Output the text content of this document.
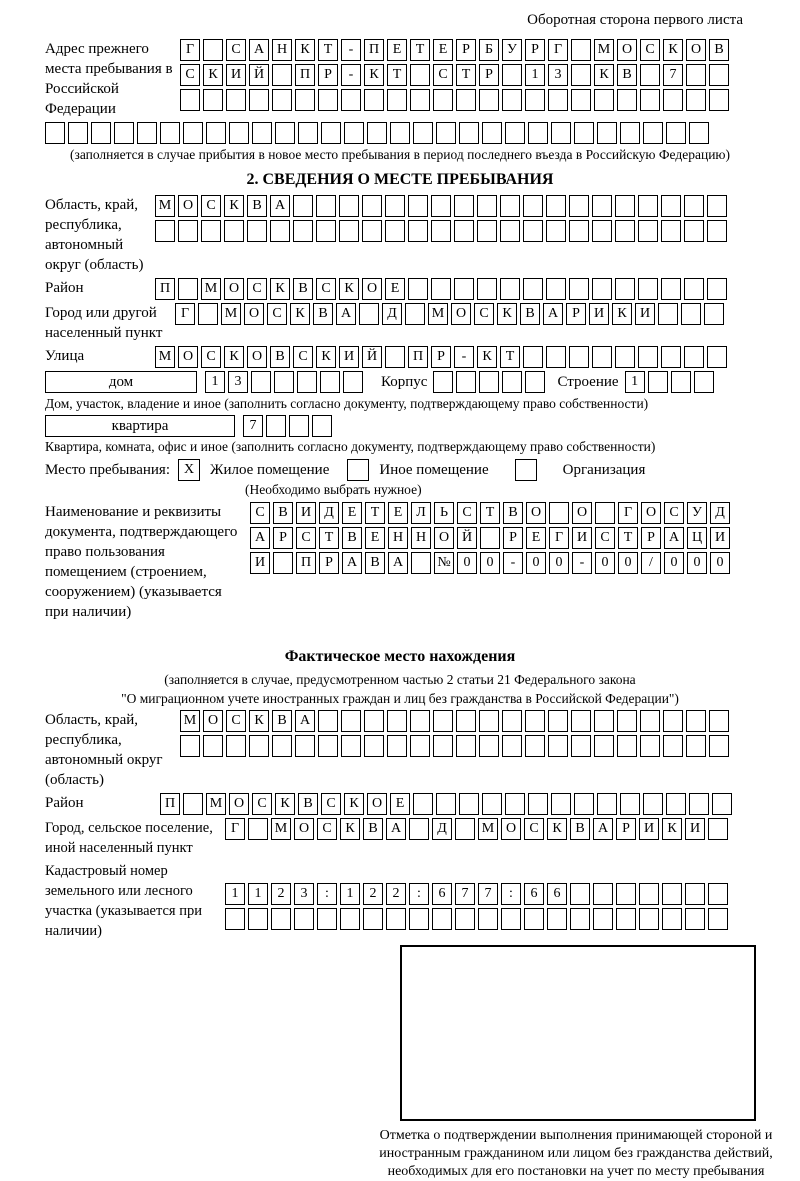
Оборотная сторона первого листа
Адрес прежнего места пребывания в Российской Федерации
Г	С А Н К	Т	-	П Е	Т	Е	Р	Б	У	Р	Г	М О С К О В
С К И Й	П	Р	-	К	Т	С	Т	Р	1	3	К В	7
(заполняется в случае прибытия в новое место пребывания в период последнего въезда в Российскую Федерацию)
2. СВЕДЕНИЯ О МЕСТЕ ПРЕБЫВАНИЯ
Область, край, республика, автономный округ (область)
М О С К В А
Район	П	М О С К В С К О Е
Город или другой населенный пункт
Г	М О С К В А	Д	М О С К В А	Р	И К И
Улица	М О С К О В С К И Й	П	Р	-	К	Т
дом	1	3	Корпус	Строение 1
Дом, участок, владение и иное (заполнить согласно документу, подтверждающему право собственности)
квартира	7
Квартира, комната, офис и иное (заполнить согласно документу, подтверждающему право собственности)
Место пребывания: X	Жилое помещение	Иное помещение	Организация
(Необходимо выбрать нужное)
Наименование и реквизиты документа, подтверждающего право пользования помещением (строением, сооружением) (указывается при наличии)
С В И Д Е	Т	Е Л	Ь	С	Т	В О	О	Г О С У Д
А	Р	С	Т	В	Е Н Н О Й	Р	Е	Г И С	Т	Р	А Ц И
И	П	Р	А В А	№ 0	0	-	0	0	-	0	0	/	0	0	0
Фактическое место нахождения
(заполняется в случае, предусмотренном частью 2 статьи 21 Федерального закона
"О миграционном учете иностранных граждан и лиц без гражданства в Российской Федерации")
Область, край, республика, автономный округ (область)
М О С К В А
Район	П	М О С К В С К О Е
Город, сельское поселение, иной населенный пункт
Г	М О С К В А	Д	М О С К В А	Р	И К И
Кадастровый номер земельного или лесного участка (указывается при наличии)
1	1	2	3	:	1	2	2	:	6	7	7	:	6	6
Отметка о подтверждении выполнения принимающей стороной и иностранным гражданином или лицом без гражданства действий, необходимых для его постановки на учет по месту пребывания
